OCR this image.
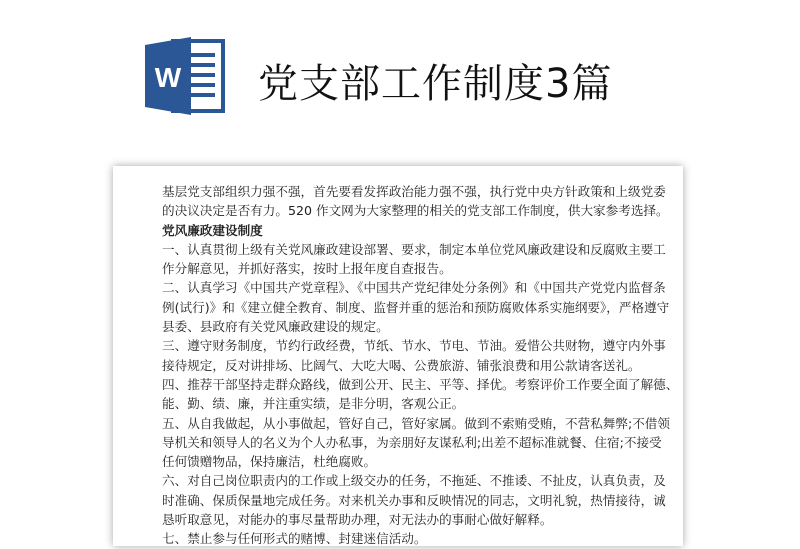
W 党支部工作制度3篇
基层党支部组织力强不强，首先要看发挥政治能力强不强，执行党中央方针政策和上级党委
的决议决定是否有力。520 作文网为大家整理的相关的党支部工作制度，供大家参考选择。
党风廉政建设制度
一、认真贯彻上级有关党风廉政建设部署、要求，制定本单位党风廉政建设和反腐败主要工
作分解意见，并抓好落实，按时上报年度自查报告。
二、认真学习《中国共产党章程》、《中国共产党纪律处分条例》和《中国共产党党内监督条
例(试行)》和《建立健全教育、制度、监督并重的惩治和预防腐败体系实施纲要》，严格遵守
县委、县政府有关党风廉政建设的规定。
三、遵守财务制度，节约行政经费，节纸、节水、节电、节油。爱惜公共财物，遵守内外事
接待规定，反对讲排场、比阔气、大吃大喝、公费旅游、铺张浪费和用公款请客送礼。
四、推荐干部坚持走群众路线，做到公开、民主、平等、择优。考察评价工作要全面了解德、
能、勤、绩、廉，并注重实绩，是非分明，客观公正。
五、从自我做起，从小事做起，管好自己，管好家属。做到不索贿受贿，不营私舞弊;不借领
导机关和领导人的名义为个人办私事，为亲朋好友谋私利;出差不超标准就餐、住宿;不接受
任何馈赠物品，保持廉洁，杜绝腐败。
六、对自己岗位职责内的工作或上级交办的任务，不拖延、不推诿、不扯皮，认真负责，及
时准确、保质保量地完成任务。对来机关办事和反映情况的同志，文明礼貌，热情接待，诚
恳听取意见，对能办的事尽量帮助办理，对无法办的事耐心做好解释。
七、禁止参与任何形式的赌博、封建迷信活动。
